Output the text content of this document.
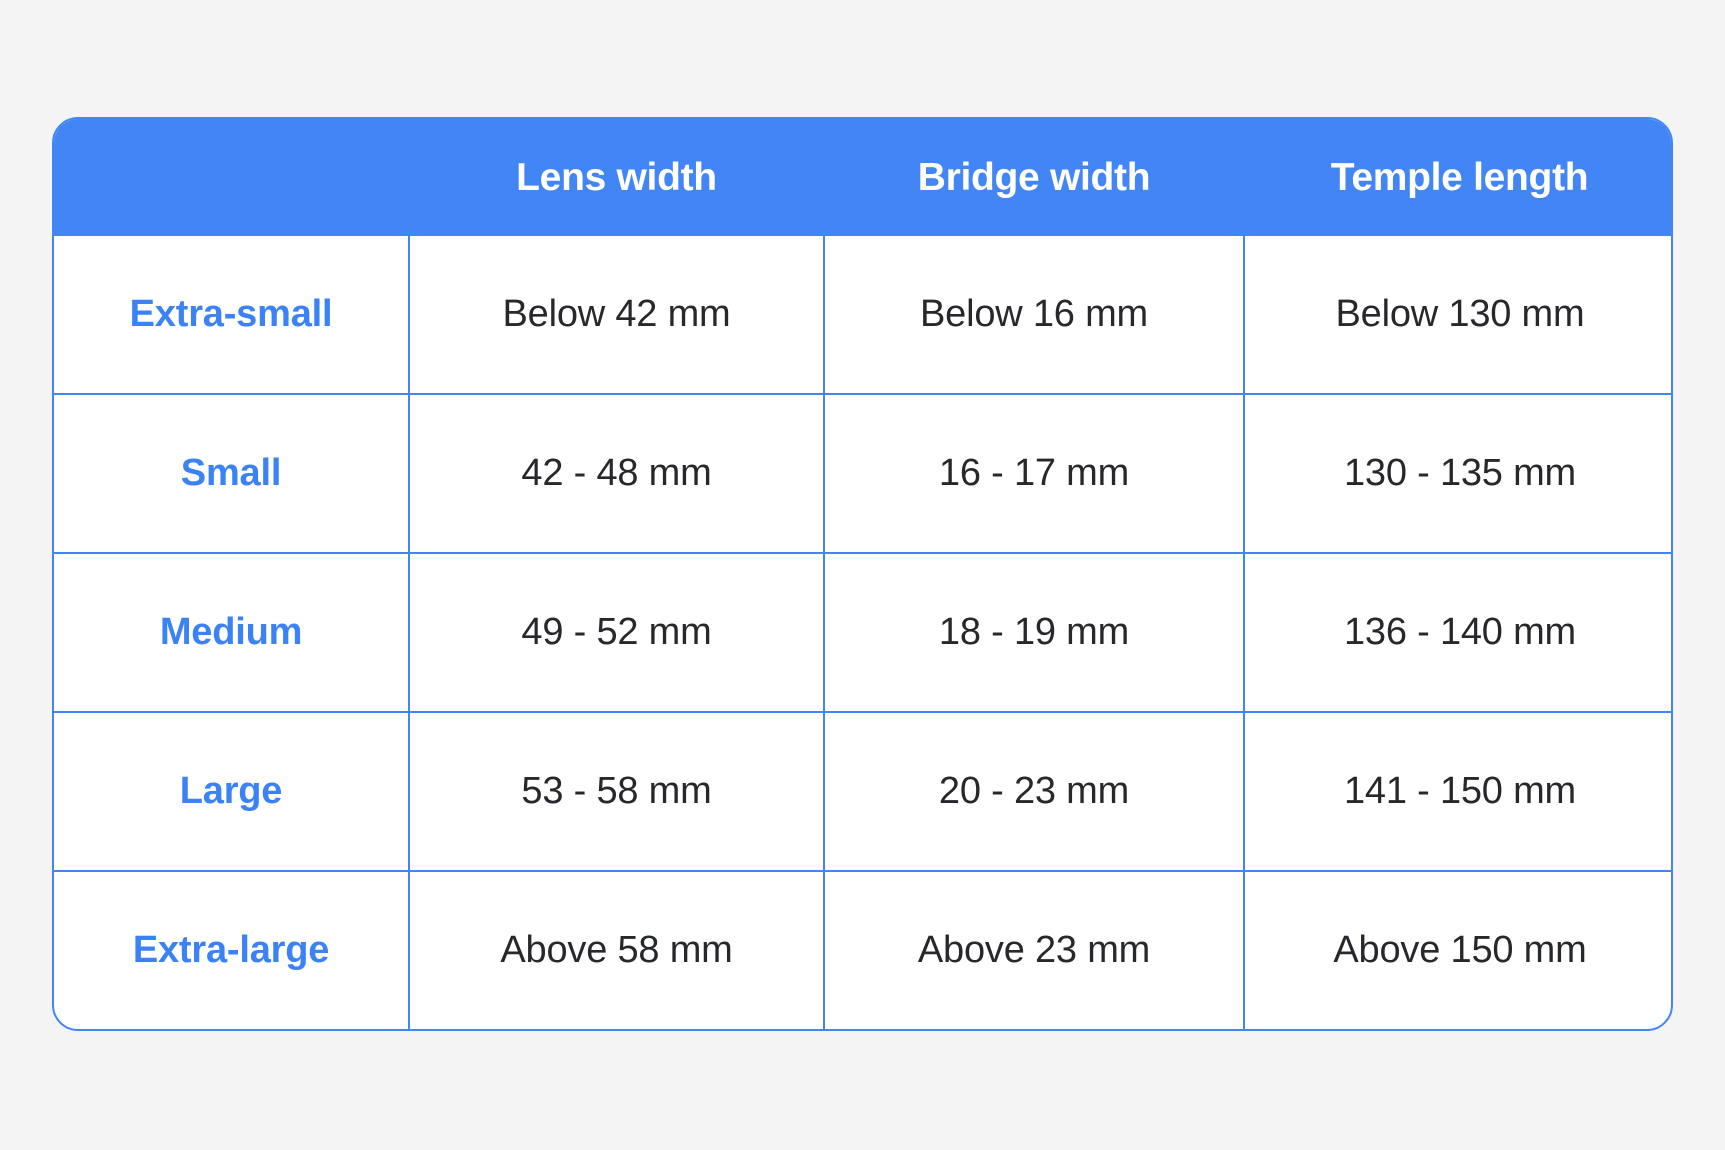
	Lens width	Bridge width	Temple length
Extra-small	Below 42 mm	Below 16 mm	Below 130 mm
Small	42 - 48 mm	16 - 17 mm	130 - 135 mm
Medium	49 - 52 mm	18 - 19 mm	136 - 140 mm
Large	53 - 58 mm	20 - 23 mm	141 - 150 mm
Extra-large	Above 58 mm	Above 23 mm	Above 150 mm
